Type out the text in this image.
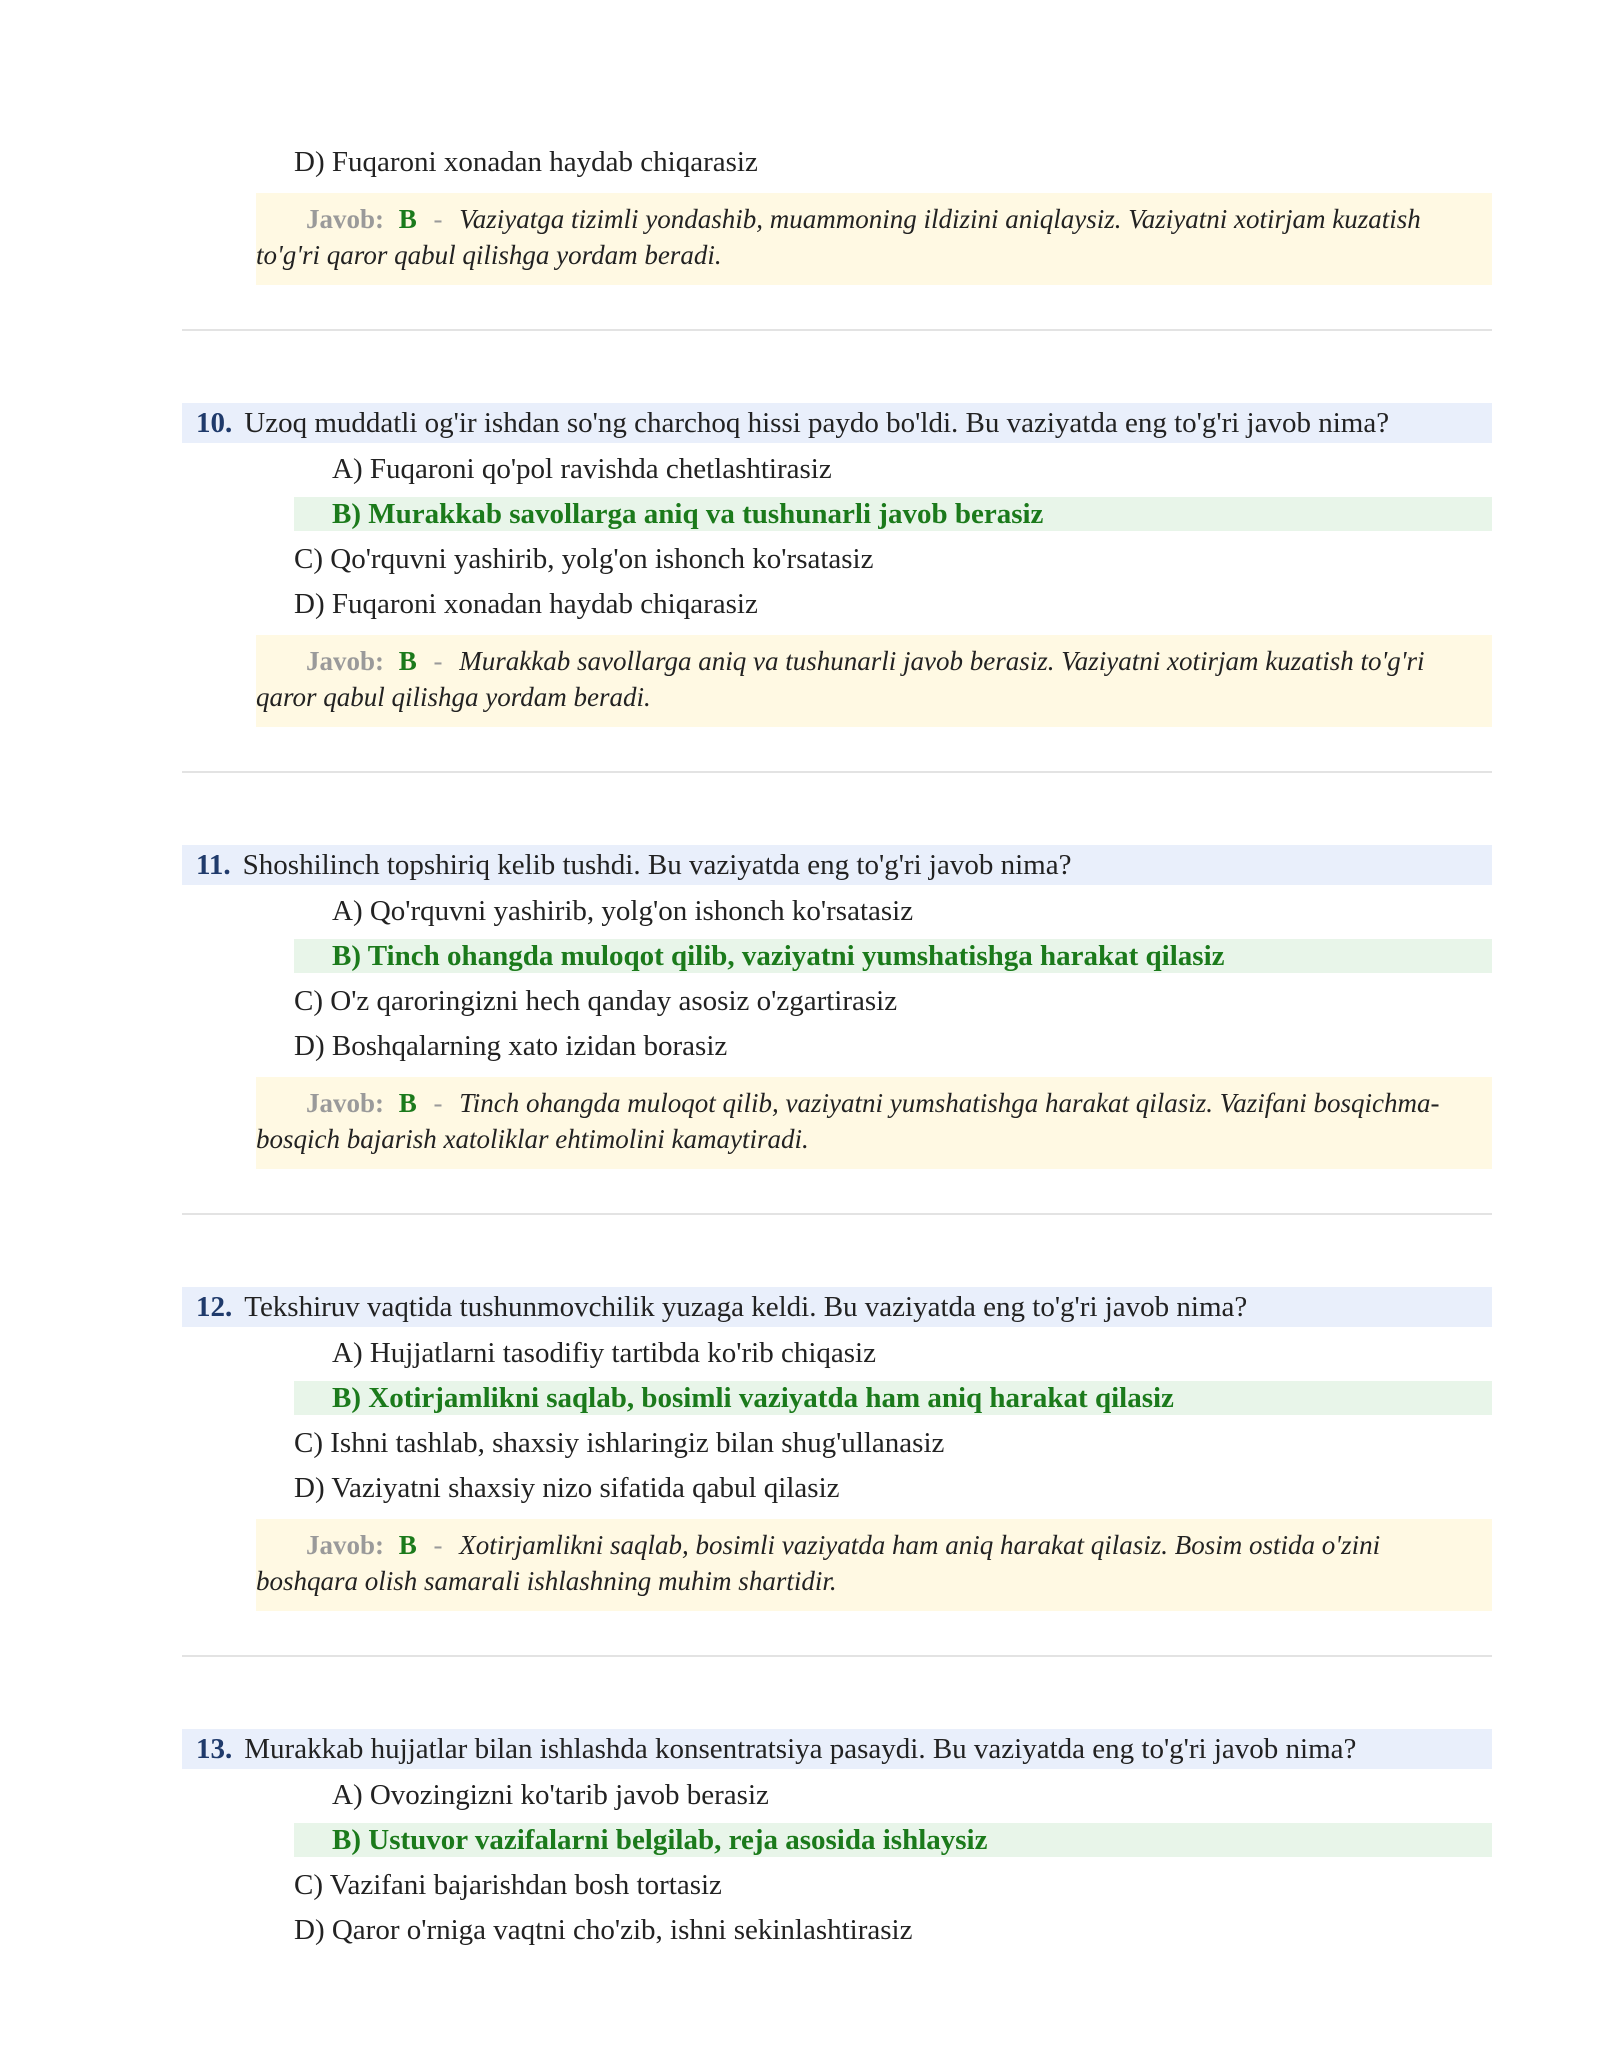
D) Fuqaroni xonadan haydab chiqarasiz
Javob: B - Vaziyatga tizimli yondashib, muammoning ildizini aniqlaysiz. Vaziyatni xotirjam kuzatish to'g'ri qaror qabul qilishga yordam beradi.
10. Uzoq muddatli og'ir ishdan so'ng charchoq hissi paydo bo'ldi. Bu vaziyatda eng to'g'ri javob nima?
A) Fuqaroni qo'pol ravishda chetlashtirasiz
B) Murakkab savollarga aniq va tushunarli javob berasiz
C) Qo'rquvni yashirib, yolg'on ishonch ko'rsatasiz
D) Fuqaroni xonadan haydab chiqarasiz
Javob: B - Murakkab savollarga aniq va tushunarli javob berasiz. Vaziyatni xotirjam kuzatish to'g'ri qaror qabul qilishga yordam beradi.
11. Shoshilinch topshiriq kelib tushdi. Bu vaziyatda eng to'g'ri javob nima?
A) Qo'rquvni yashirib, yolg'on ishonch ko'rsatasiz
B) Tinch ohangda muloqot qilib, vaziyatni yumshatishga harakat qilasiz
C) O'z qaroringizni hech qanday asosiz o'zgartirasiz
D) Boshqalarning xato izidan borasiz
Javob: B - Tinch ohangda muloqot qilib, vaziyatni yumshatishga harakat qilasiz. Vazifani bosqichma-bosqich bajarish xatoliklar ehtimolini kamaytiradi.
12. Tekshiruv vaqtida tushunmovchilik yuzaga keldi. Bu vaziyatda eng to'g'ri javob nima?
A) Hujjatlarni tasodifiy tartibda ko'rib chiqasiz
B) Xotirjamlikni saqlab, bosimli vaziyatda ham aniq harakat qilasiz
C) Ishni tashlab, shaxsiy ishlaringiz bilan shug'ullanasiz
D) Vaziyatni shaxsiy nizo sifatida qabul qilasiz
Javob: B - Xotirjamlikni saqlab, bosimli vaziyatda ham aniq harakat qilasiz. Bosim ostida o'zini boshqara olish samarali ishlashning muhim shartidir.
13. Murakkab hujjatlar bilan ishlashda konsentratsiya pasaydi. Bu vaziyatda eng to'g'ri javob nima?
A) Ovozingizni ko'tarib javob berasiz
B) Ustuvor vazifalarni belgilab, reja asosida ishlaysiz
C) Vazifani bajarishdan bosh tortasiz
D) Qaror o'rniga vaqtni cho'zib, ishni sekinlashtirasiz
